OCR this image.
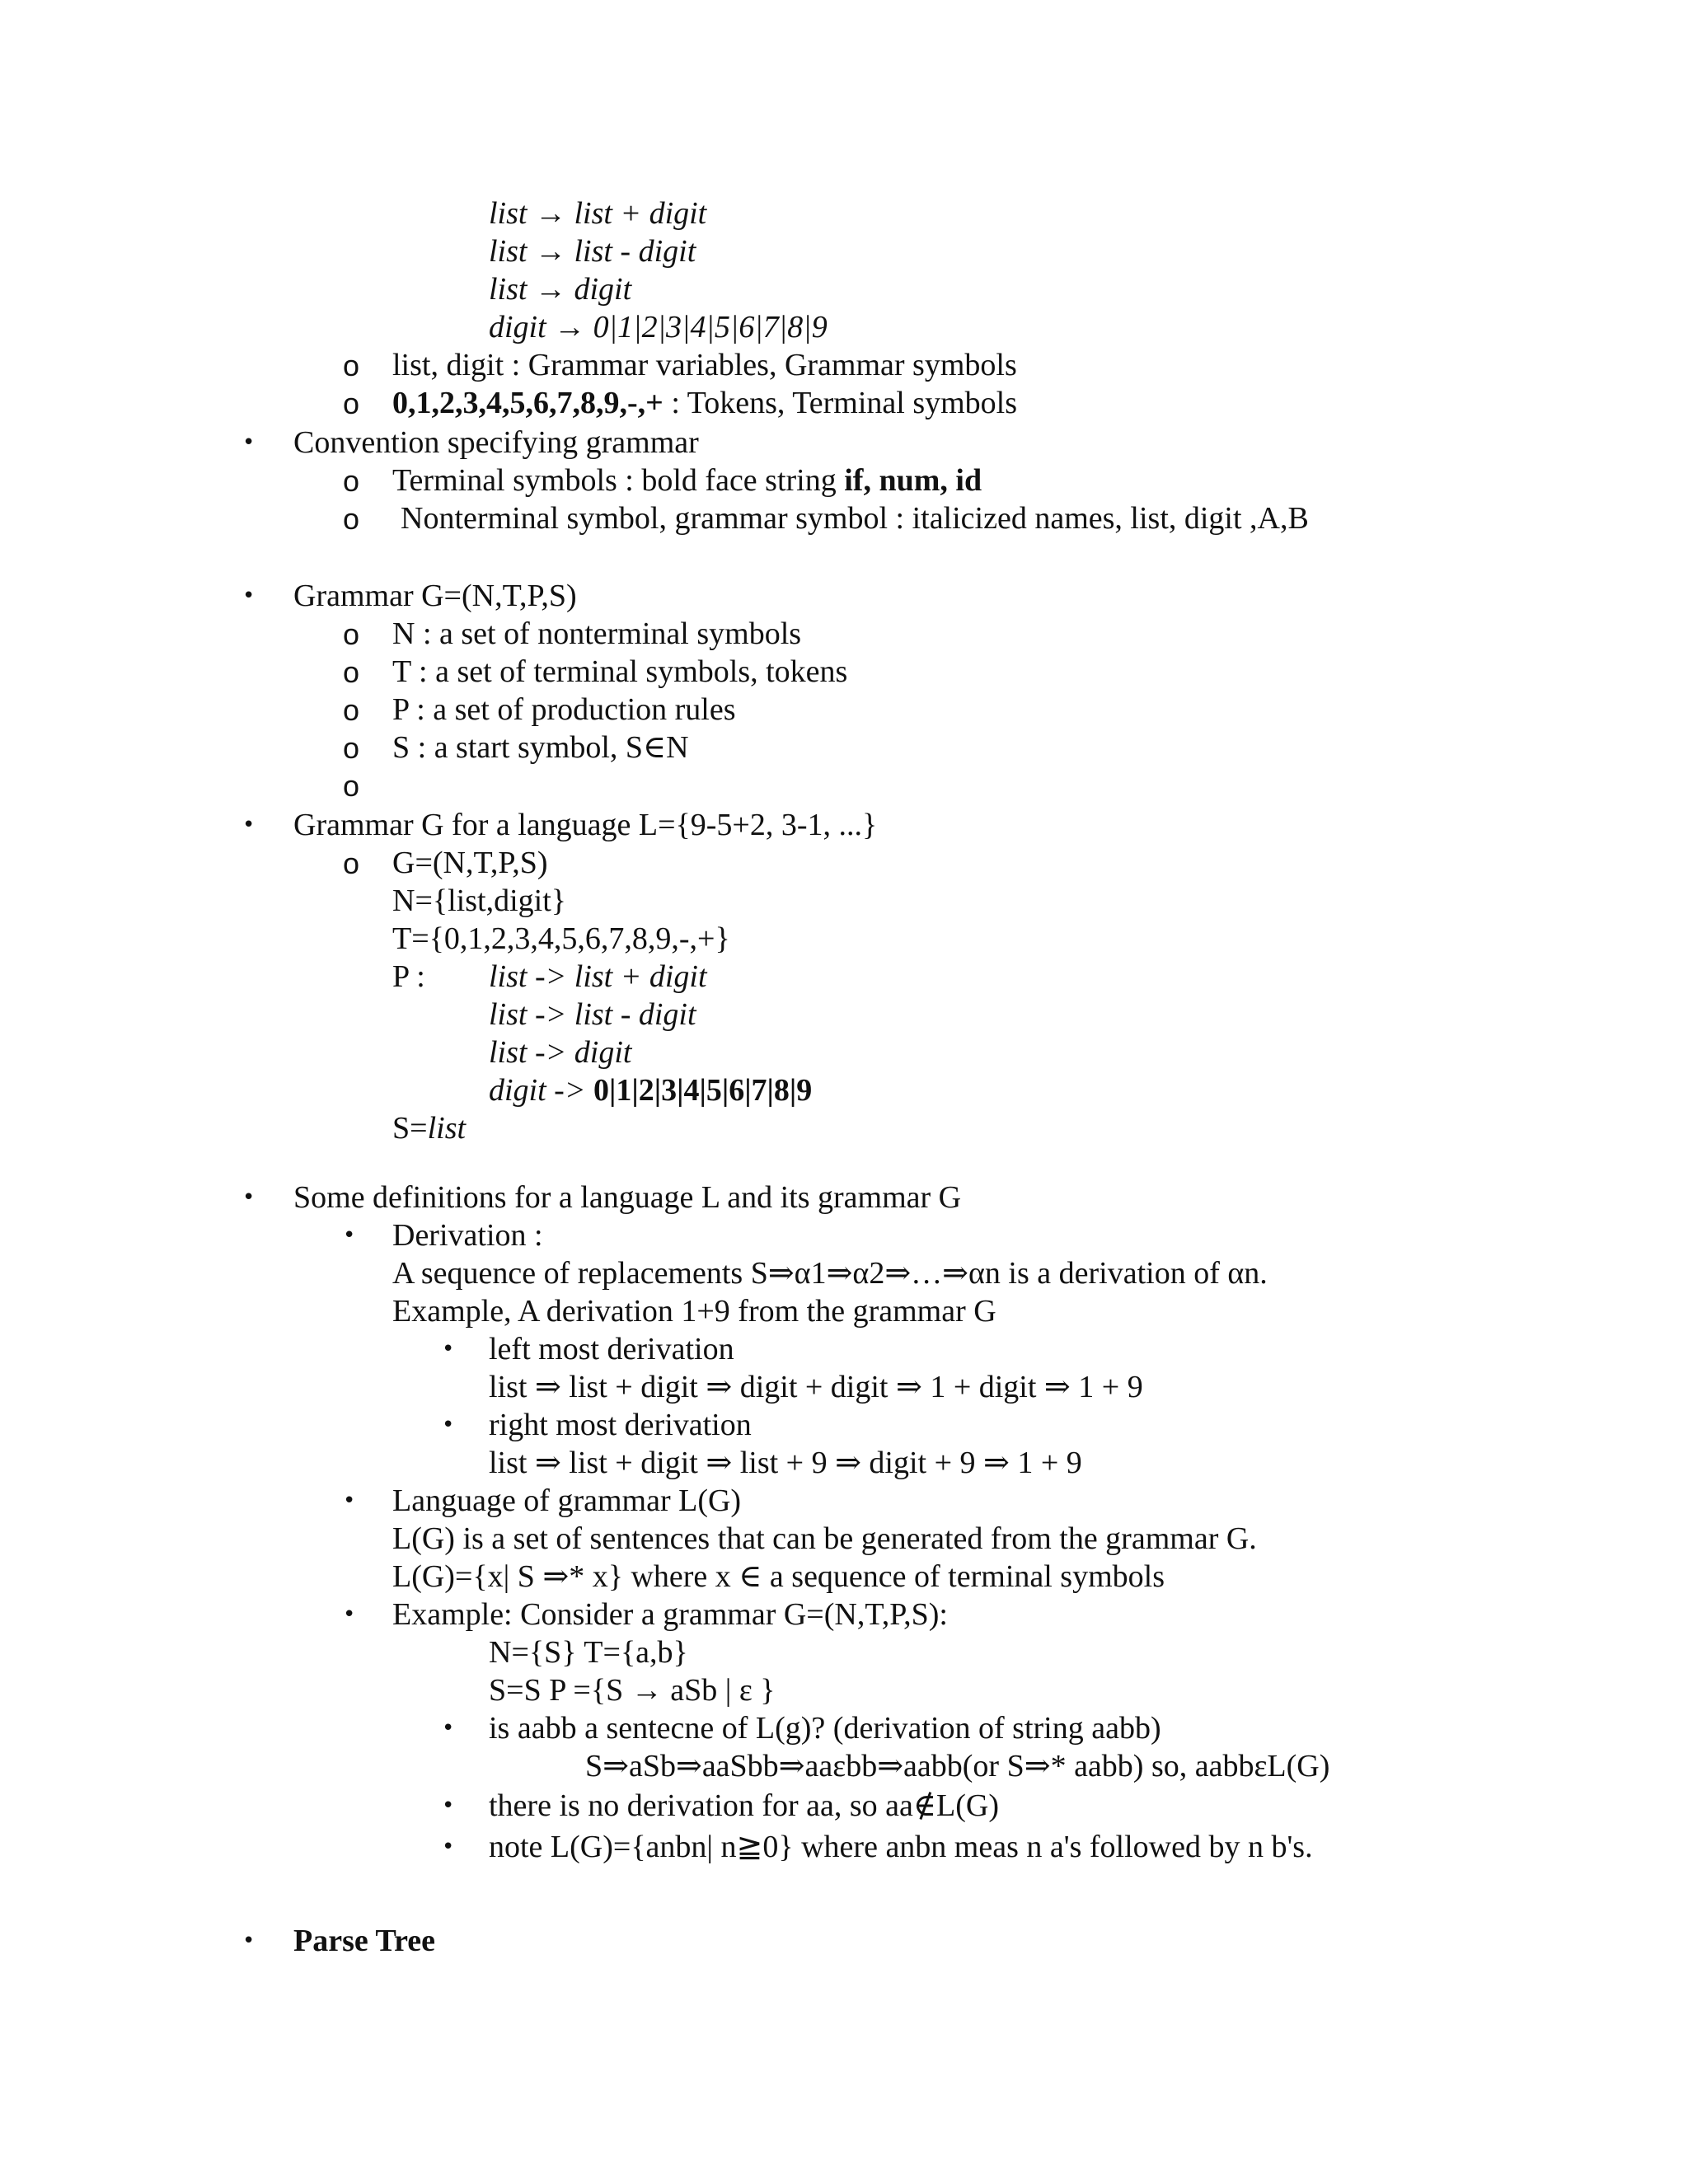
list → list + digit
list → list - digit
list → digit
digit → 0|1|2|3|4|5|6|7|8|9
o list, digit : Grammar variables, Grammar symbols
o 0,1,2,3,4,5,6,7,8,9,-,+ : Tokens, Terminal symbols
• Convention specifying grammar
o Terminal symbols : bold face string if, num, id
o Nonterminal symbol, grammar symbol : italicized names, list, digit ,A,B
• Grammar G=(N,T,P,S)
o N : a set of nonterminal symbols
o T : a set of terminal symbols, tokens
o P : a set of production rules
o S : a start symbol, S∈N
o
• Grammar G for a language L={9-5+2, 3-1, ...}
o G=(N,T,P,S)
N={list,digit}
T={0,1,2,3,4,5,6,7,8,9,-,+}
P : list -> list + digit
list -> list - digit
list -> digit
digit -> 0|1|2|3|4|5|6|7|8|9
S=list
• Some definitions for a language L and its grammar G
• Derivation :
A sequence of replacements S⇒α1⇒α2⇒…⇒αn is a derivation of αn.
Example, A derivation 1+9 from the grammar G
• left most derivation
list ⇒ list + digit ⇒ digit + digit ⇒ 1 + digit ⇒ 1 + 9
• right most derivation
list ⇒ list + digit ⇒ list + 9 ⇒ digit + 9 ⇒ 1 + 9
• Language of grammar L(G)
L(G) is a set of sentences that can be generated from the grammar G.
L(G)={x| S ⇒* x} where x ∈ a sequence of terminal symbols
• Example: Consider a grammar G=(N,T,P,S):
N={S} T={a,b}
S=S P ={S → aSb | ε }
• is aabb a sentecne of L(g)? (derivation of string aabb)
S⇒aSb⇒aaSbb⇒aaεbb⇒aabb(or S⇒* aabb) so, aabbεL(G)
• there is no derivation for aa, so aa∉L(G)
• note L(G)={anbn| n≧0} where anbn meas n a's followed by n b's.
• Parse Tree
